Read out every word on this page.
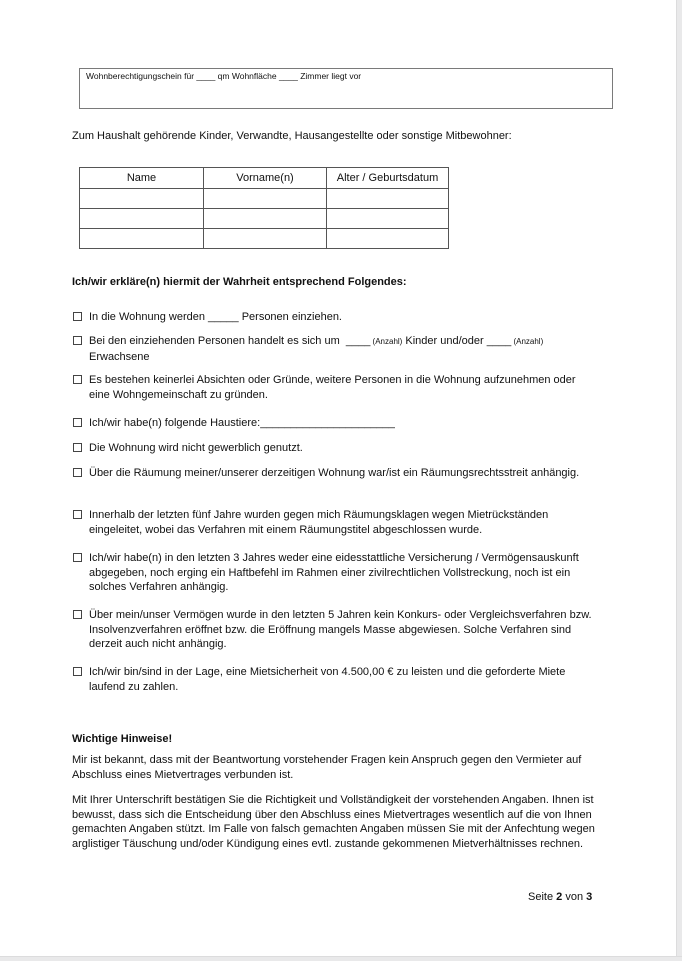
Wohnberechtigungschein für ____ qm Wohnfläche ____ Zimmer liegt vor
Zum Haushalt gehörende Kinder, Verwandte, Hausangestellte oder sonstige Mitbewohner:
Name	Vorname(n)	Alter / Geburtsdatum

Ich/wir erkläre(n) hiermit der Wahrheit entsprechend Folgendes:
In die Wohnung werden _____ Personen einziehen.
Bei den einziehenden Personen handelt es sich um  ____ (Anzahl) Kinder und/oder ____ (Anzahl)
Erwachsene
Es bestehen keinerlei Absichten oder Gründe, weitere Personen in die Wohnung aufzunehmen oder eine Wohngemeinschaft zu gründen.
Ich/wir habe(n) folgende Haustiere:______________________
Die Wohnung wird nicht gewerblich genutzt.
Über die Räumung meiner/unserer derzeitigen Wohnung war/ist ein Räumungsrechtsstreit anhängig.
Innerhalb der letzten fünf Jahre wurden gegen mich Räumungsklagen wegen Mietrückständen eingeleitet, wobei das Verfahren mit einem Räumungstitel abgeschlossen wurde.
Ich/wir habe(n) in den letzten 3 Jahres weder eine eidesstattliche Versicherung / Vermögensauskunft abgegeben, noch erging ein Haftbefehl im Rahmen einer zivilrechtlichen Vollstreckung, noch ist ein solches Verfahren anhängig.
Über mein/unser Vermögen wurde in den letzten 5 Jahren kein Konkurs- oder Vergleichsverfahren bzw. Insolvenzverfahren eröffnet bzw. die Eröffnung mangels Masse abgewiesen. Solche Verfahren sind derzeit auch nicht anhängig.
Ich/wir bin/sind in der Lage, eine Mietsicherheit von 4.500,00 € zu leisten und die geforderte Miete laufend zu zahlen.
Wichtige Hinweise!
Mir ist bekannt, dass mit der Beantwortung vorstehender Fragen kein Anspruch gegen den Vermieter auf Abschluss eines Mietvertrages verbunden ist.
Mit Ihrer Unterschrift bestätigen Sie die Richtigkeit und Vollständigkeit der vorstehenden Angaben. Ihnen ist bewusst, dass sich die Entscheidung über den Abschluss eines Mietvertrages wesentlich auf die von Ihnen gemachten Angaben stützt. Im Falle von falsch gemachten Angaben müssen Sie mit der Anfechtung wegen arglistiger Täuschung und/oder Kündigung eines evtl. zustande gekommenen Mietverhältnisses rechnen.
Seite 2 von 3
